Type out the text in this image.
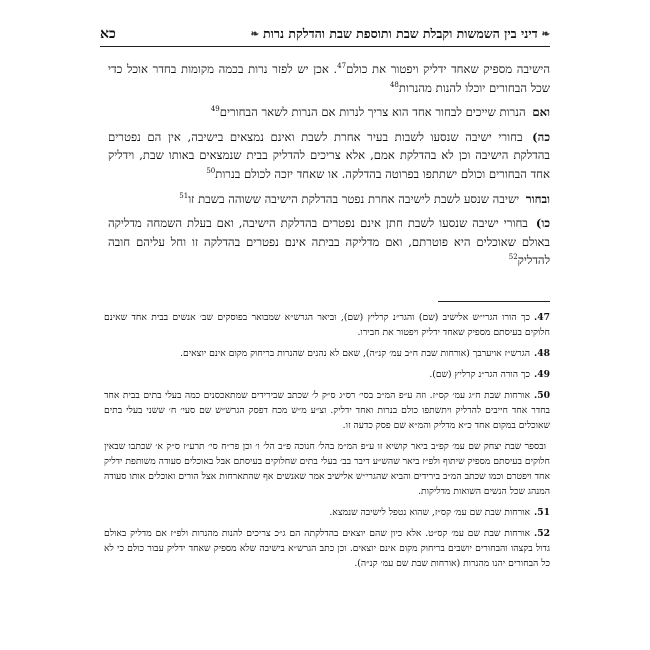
❧
דיני בין השמשות וקבלת שבת ותוספת שבת והדלקת נרות
❧
כא

הישיבה מספיק שאחד ידליק ויפטור את כולם$^{47}$. אכן יש לפזר נרות בכמה מקומות בחדר אוכל כדי שכל הבחורים יוכלו להנות מהנרות$^{48}$

ואם הנרות שייכים לבחור אחד הוא צריך לנרות אם הנרות לשאר הבחורים$^{49}$

כה) בחורי ישיבה שנסעו לשבות בעיר אחרת לשבת ואינם נמצאים בישיבה, אין הם נפטרים בהדלקת הישיבה וכן לא בהדלקת אמם, אלא צריכים להדליק בבית שנמצאים באותו שבת, וידליק אחד הבחורים וכולם ישתתפו בפרוטה בהדלקה. או שאחד יזכה לכולם בנרות$^{50}$

ובחור ישיבה שנסע לשבת לישיבה אחרת נפטר בהדלקת הישיבה ששוהה בשבת זו$^{51}$

כו) בחורי ישיבה שנסעו לשבת חתן אינם נפטרים בהדלקת הישיבה, ואם בעלת השמחה מדליקה באולם שאוכלים היא פוטרתם, ואם מדליקה בביתה אינם נפטרים בהדלקה זו וחל עליהם חובה להדליק$^{52}$

47.כך הורו הגרי״ש אלישיב (שם) והגר״נ קרליץ (שם), וביאר הגרש״א שמבואר בפוסקים שב׳ אנשים בבית אחד שאינם חלוקים בעיסתם מספיק שאחד ידליק ויפטור את חבירו.

48.הגרש״ז אויערבך (אורחות שבת ח״ב עמ׳ קנ״ה), שאם לא נהנים שהנרות בריחוק מקום אינם יוצאים.

49.כך הורה הגר״נ קרליץ (שם).

50.אורחות שבת ח״ג עמ׳ קס״ז. וזה ע״פ המ״ב בסי׳ רס״ג ס״ק ל׳ שכתב שבירידים שמתאכסנים כמה בעלי בתים בבית אחד בחדר אחד חייבים להדליק ויתשתפו כולם בנרות ואחד ידליק. וצ״ע מ״ש מכח דפסק הגרש״ש שם סעי׳ ח׳ ששני בעלי בתים שאוכלים במקום אחד כ״א מדליק והמ״א שם פסק כדעה זו.

ובספר שבת יצחק שם עמ׳ קפ״ב ביאר קושיא זו ע״פ המ״מ בהל׳ חנוכה פ״ב הל׳ ו׳ וכן פר״ח סי׳ תרע״ז ס״ק א׳ שכתבו שבאין חלוקים בעיסתם מספיק שיתוף ולפ״ז ביאר שהש״ע דיבר בב׳ בעלי בתים שחלוקים בעיסתם אבל באוכלים סעודה משותפת ידליק אחד ויפטרם וכמו שכתב המ״ב בירידים והביא שהגרי״ש אלישיב אמר שאנשים אף שהתארחות אצל הורים ואוכלים אותו סעודה המנהג שכל הנשים השואות מדליקות.

51.אורחות שבת שם עמ׳ קס״ז, שהוא נטפל לישיבה שנמצא.

52.אורחות שבת שם עמ׳ קס״ט. אלא כיון שהם יוצאים בהדלקתה הם ג״כ צריכים להנות מהנרות ולפ״ז אם מדליק באולם גדול בקצהו והבחורים יושבים בריחוק מקום אינם יוצאים. וכן כתב הגרש״א בישיבה שלא מספיק שאחד ידליק עבור כולם כי לא כל הבחורים יהנו מהנרות (אורחות שבת שם עמ׳ קנ״ה).
